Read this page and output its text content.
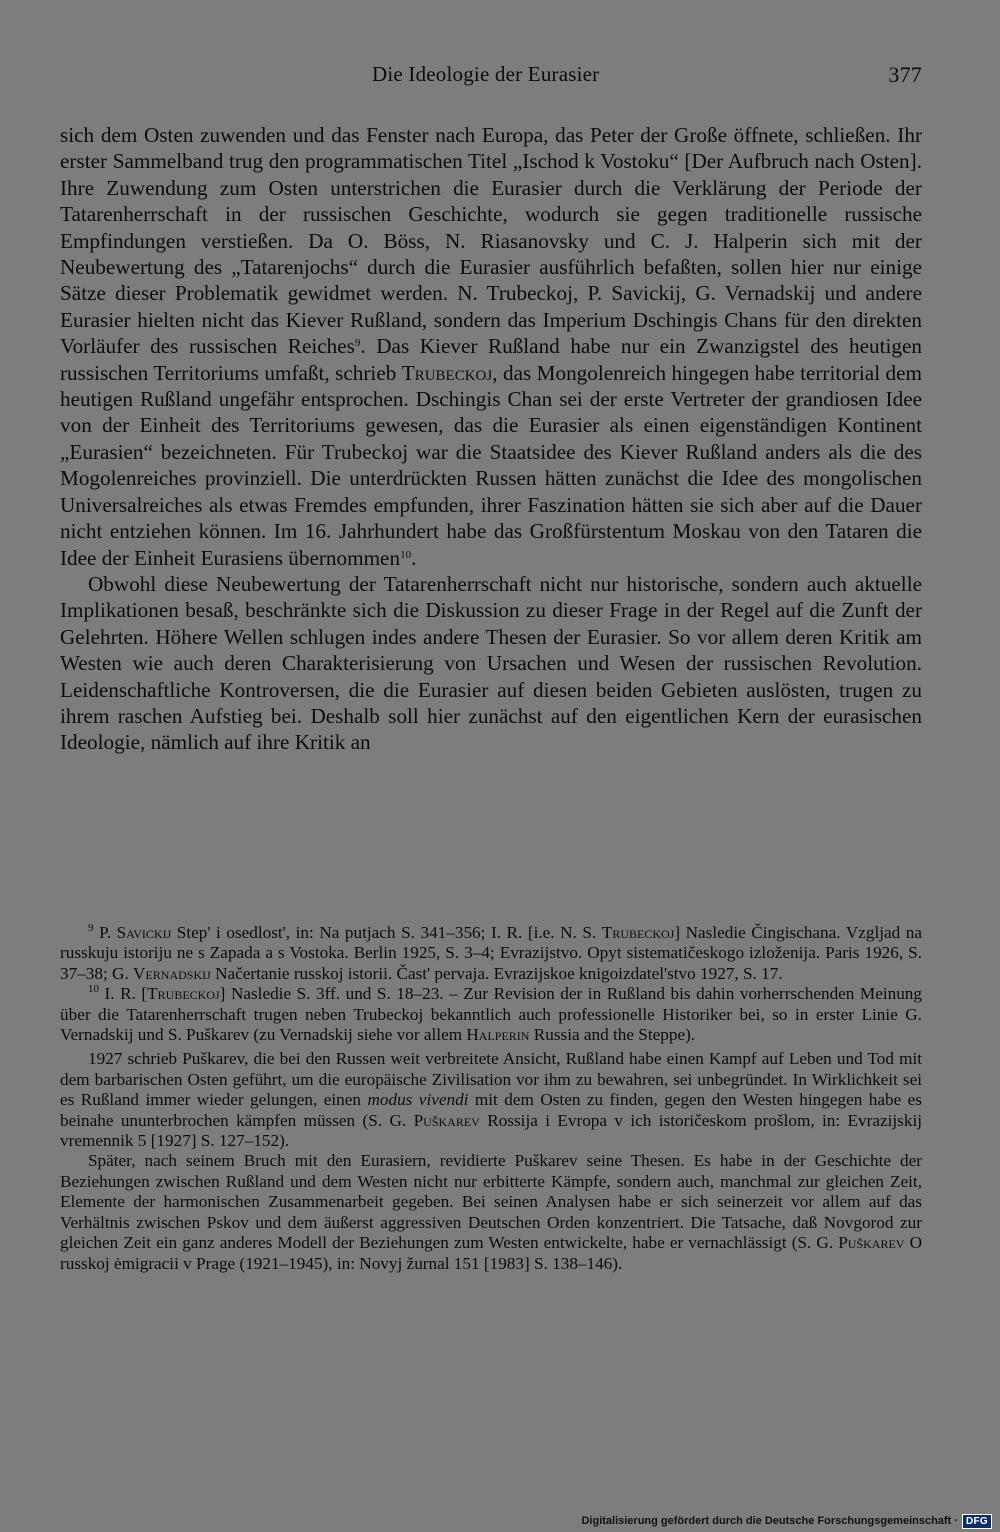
Die Ideologie der Eurasier	377

sich dem Osten zuwenden und das Fenster nach Europa, das Peter der Große öffnete, schließen. Ihr erster Sammelband trug den programmatischen Titel „Ischod k Vostoku“ [Der Aufbruch nach Osten]. Ihre Zuwendung zum Osten unterstrichen die Eurasier durch die Verklärung der Periode der Tatarenherrschaft in der russischen Geschichte, wodurch sie gegen traditionelle russische Empfindungen verstießen. Da O. Böss, N. Riasanovsky und C. J. Halperin sich mit der Neubewertung des „Tatarenjochs“ durch die Eurasier ausführlich befaßten, sollen hier nur einige Sätze dieser Problematik gewidmet werden. N. Trubeckoj, P. Savickij, G. Vernadskij und andere Eurasier hielten nicht das Kiever Rußland, sondern das Imperium Dschingis Chans für den direkten Vorläufer des russischen Reiches$^9$. Das Kiever Rußland habe nur ein Zwanzigstel des heutigen russischen Territoriums umfaßt, schrieb Trubeckoj, das Mongolenreich hingegen habe territorial dem heutigen Rußland ungefähr entsprochen. Dschingis Chan sei der erste Vertreter der grandiosen Idee von der Einheit des Territoriums gewesen, das die Eurasier als einen eigenständigen Kontinent „Eurasien“ bezeichneten. Für Trubeckoj war die Staatsidee des Kiever Rußland anders als die des Mogolenreiches provinziell. Die unterdrückten Russen hätten zunächst die Idee des mongolischen Universalreiches als etwas Fremdes empfunden, ihrer Faszination hätten sie sich aber auf die Dauer nicht entziehen können. Im 16. Jahrhundert habe das Großfürstentum Moskau von den Tataren die Idee der Einheit Eurasiens übernommen$^{10}$.

Obwohl diese Neubewertung der Tatarenherrschaft nicht nur historische, sondern auch aktuelle Implikationen besaß, beschränkte sich die Diskussion zu dieser Frage in der Regel auf die Zunft der Gelehrten. Höhere Wellen schlugen indes andere Thesen der Eurasier. So vor allem deren Kritik am Westen wie auch deren Charakterisierung von Ursachen und Wesen der russischen Revolution. Leidenschaftliche Kontroversen, die die Eurasier auf diesen beiden Gebieten auslösten, trugen zu ihrem raschen Aufstieg bei. Deshalb soll hier zunächst auf den eigentlichen Kern der eurasischen Ideologie, nämlich auf ihre Kritik an

$^9$ P. Savickij Step' i osedlost', in: Na putjach S. 341–356; I. R. [i.e. N. S. Trubeckoj] Nasledie Čingischana. Vzgljad na russkuju istoriju ne s Zapada a s Vostoka. Berlin 1925, S. 3–4; Evrazijstvo. Opyt sistematičeskogo izloženija. Paris 1926, S. 37–38; G. Vernadskij Načertanie russkoj istorii. Čast' pervaja. Evrazijskoe knigoizdatel'stvo 1927, S. 17.

$^{10}$ I. R. [Trubeckoj] Nasledie S. 3ff. und S. 18–23. – Zur Revision der in Rußland bis dahin vorherrschenden Meinung über die Tatarenherrschaft trugen neben Trubeckoj bekanntlich auch professionelle Historiker bei, so in erster Linie G. Vernadskij und S. Puškarev (zu Vernadskij siehe vor allem Halperin Russia and the Steppe).

1927 schrieb Puškarev, die bei den Russen weit verbreitete Ansicht, Rußland habe einen Kampf auf Leben und Tod mit dem barbarischen Osten geführt, um die europäische Zivilisation vor ihm zu bewahren, sei unbegründet. In Wirklichkeit sei es Rußland immer wieder gelungen, einen modus vivendi mit dem Osten zu finden, gegen den Westen hingegen habe es beinahe ununterbrochen kämpfen müssen (S. G. Puškarev Rossija i Evropa v ich istoričeskom prošlom, in: Evrazijskij vremennik 5 [1927] S. 127–152).

Später, nach seinem Bruch mit den Eurasiern, revidierte Puškarev seine Thesen. Es habe in der Geschichte der Beziehungen zwischen Rußland und dem Westen nicht nur erbitterte Kämpfe, sondern auch, manchmal zur gleichen Zeit, Elemente der harmonischen Zusammenarbeit gegeben. Bei seinen Analysen habe er sich seinerzeit vor allem auf das Verhältnis zwischen Pskov und dem äußerst aggressiven Deutschen Orden konzentriert. Die Tatsache, daß Novgorod zur gleichen Zeit ein ganz anderes Modell der Beziehungen zum Westen entwickelte, habe er vernachlässigt (S. G. Puškarev O russkoj ėmigracii v Prage (1921–1945), in: Novyj žurnal 151 [1983] S. 138–146).

Digitalisierung gefördert durch die Deutsche Forschungsgemeinschaft · DFG
